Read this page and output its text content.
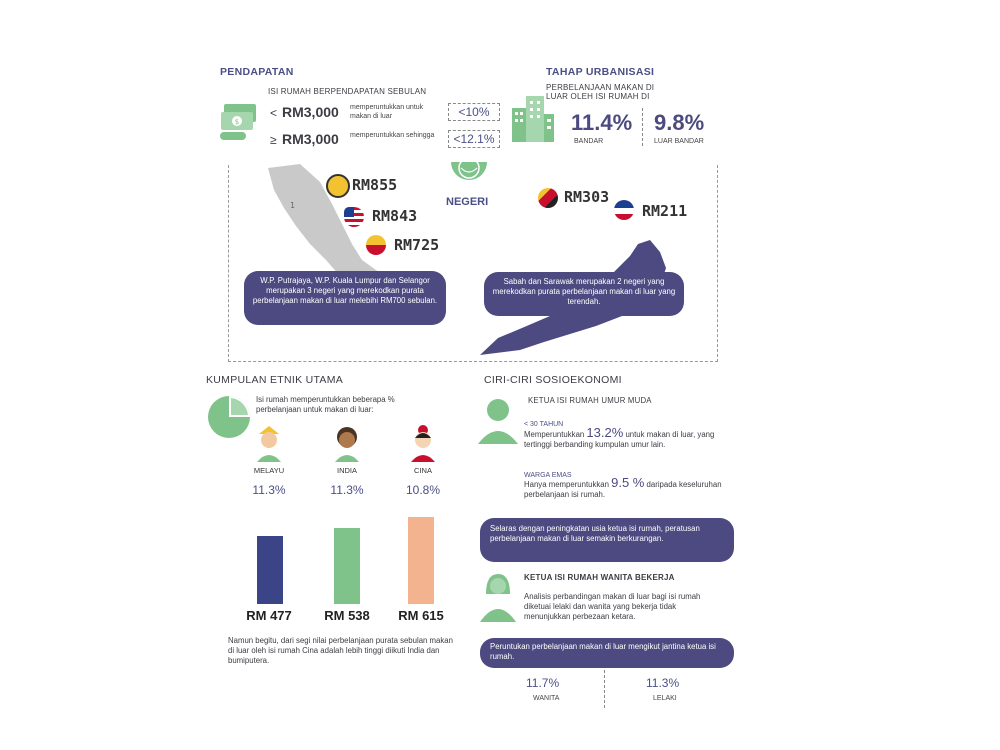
PENDAPATAN
ISI RUMAH BERPENDAPATAN SEBULAN
$
< RM3,000 memperuntukkan untuk makan di luar	<10%
≥ RM3,000 memperuntukkan sehingga	<12.1%
TAHAP URBANISASI
PERBELANJAAN MAKAN DI LUAR OLEH ISI RUMAH DI
11.4%
BANDAR
9.8%
LUAR BANDAR
1	NEGERI
RM855
RM843
RM725
RM303
RM211
W.P. Putrajaya, W.P. Kuala Lumpur dan Selangor merupakan 3 negeri yang merekodkan purata perbelanjaan makan di luar melebihi RM700 sebulan.
Sabah dan Sarawak merupakan 2 negeri yang merekodkan purata perbelanjaan makan di luar yang terendah.
KUMPULAN ETNIK UTAMA
Isi rumah memperuntukkan beberapa % perbelanjaan untuk makan di luar:
MELAYU	INDIA	CINA
11.3%	11.3%	10.8%
RM 477	RM 538	RM 615
Namun begitu, dari segi nilai perbelanjaan purata sebulan makan di luar oleh isi rumah Cina adalah lebih tinggi diikuti India dan bumiputera.
CIRI-CIRI SOSIOEKONOMI
KETUA ISI RUMAH UMUR MUDA
< 30 TAHUN
Memperuntukkan 13.2% untuk makan di luar, yang tertinggi berbanding kumpulan umur lain.
WARGA EMAS
Hanya memperuntukkan 9.5 % daripada keseluruhan perbelanjaan isi rumah.
Selaras dengan peningkatan usia ketua isi rumah, peratusan perbelanjaan makan di luar semakin berkurangan.
KETUA ISI RUMAH WANITA BEKERJA
Analisis perbandingan makan di luar bagi isi rumah diketuai lelaki dan wanita yang bekerja tidak menunjukkan perbezaan ketara.
Peruntukan perbelanjaan makan di luar mengikut jantina ketua isi rumah.
11.7%
WANITA
11.3%
LELAKI
